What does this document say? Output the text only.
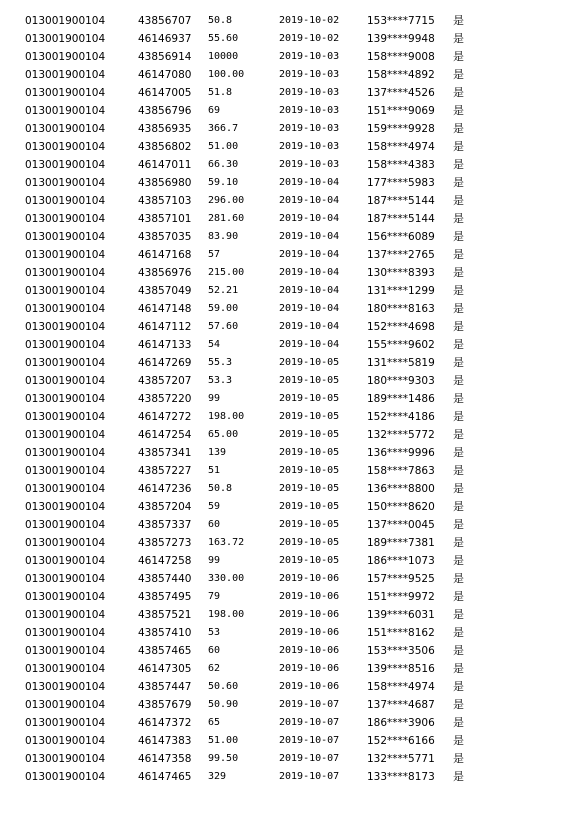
013001900104	43856707 50.8	2019-10-02	153****7715 是
013001900104	46146937 55.60	2019-10-02	139****9948 是
013001900104	43856914 10000	2019-10-03	158****9008 是
013001900104	46147080 100.00	2019-10-03	158****4892 是
013001900104	46147005 51.8	2019-10-03	137****4526 是
013001900104	43856796 69	2019-10-03	151****9069 是
013001900104	43856935 366.7	2019-10-03	159****9928 是
013001900104	43856802 51.00	2019-10-03	158****4974 是
013001900104	46147011 66.30	2019-10-03	158****4383 是
013001900104	43856980 59.10	2019-10-04	177****5983 是
013001900104	43857103 296.00	2019-10-04	187****5144 是
013001900104	43857101 281.60	2019-10-04	187****5144 是
013001900104	43857035 83.90	2019-10-04	156****6089 是
013001900104	46147168 57	2019-10-04	137****2765 是
013001900104	43856976 215.00	2019-10-04	130****8393 是
013001900104	43857049 52.21	2019-10-04	131****1299 是
013001900104	46147148 59.00	2019-10-04	180****8163 是
013001900104	46147112 57.60	2019-10-04	152****4698 是
013001900104	46147133 54	2019-10-04	155****9602 是
013001900104	46147269 55.3	2019-10-05	131****5819 是
013001900104	43857207 53.3	2019-10-05	180****9303 是
013001900104	43857220 99	2019-10-05	189****1486 是
013001900104	46147272 198.00	2019-10-05	152****4186 是
013001900104	46147254 65.00	2019-10-05	132****5772 是
013001900104	43857341 139	2019-10-05	136****9996 是
013001900104	43857227 51	2019-10-05	158****7863 是
013001900104	46147236 50.8	2019-10-05	136****8800 是
013001900104	43857204 59	2019-10-05	150****8620 是
013001900104	43857337 60	2019-10-05	137****0045 是
013001900104	43857273 163.72	2019-10-05	189****7381 是
013001900104	46147258 99	2019-10-05	186****1073 是
013001900104	43857440 330.00	2019-10-06	157****9525 是
013001900104	43857495 79	2019-10-06	151****9972 是
013001900104	43857521 198.00	2019-10-06	139****6031 是
013001900104	43857410 53	2019-10-06	151****8162 是
013001900104	43857465 60	2019-10-06	153****3506 是
013001900104	46147305 62	2019-10-06	139****8516 是
013001900104	43857447 50.60	2019-10-06	158****4974 是
013001900104	43857679 50.90	2019-10-07	137****4687 是
013001900104	46147372 65	2019-10-07	186****3906 是
013001900104	46147383 51.00	2019-10-07	152****6166 是
013001900104	46147358 99.50	2019-10-07	132****5771 是
013001900104	46147465 329	2019-10-07	133****8173 是
